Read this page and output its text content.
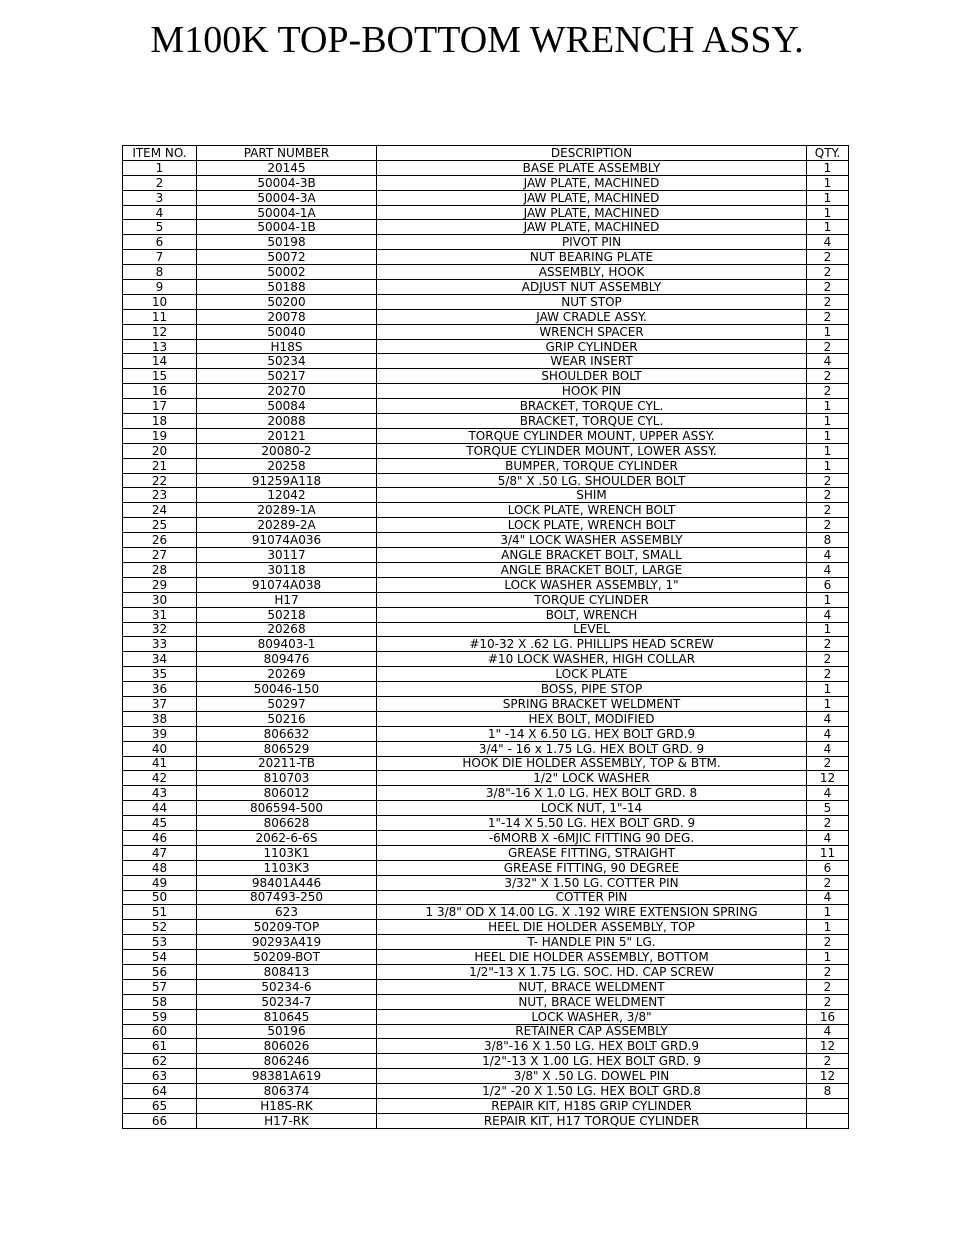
M100K TOP-BOTTOM WRENCH ASSY.
ITEM NO.	PART NUMBER	DESCRIPTION	QTY.
1	20145	BASE PLATE ASSEMBLY	1
2	50004-3B	JAW PLATE, MACHINED	1
3	50004-3A	JAW PLATE, MACHINED	1
4	50004-1A	JAW PLATE, MACHINED	1
5	50004-1B	JAW PLATE, MACHINED	1
6	50198	PIVOT PIN	4
7	50072	NUT BEARING PLATE	2
8	50002	ASSEMBLY, HOOK	2
9	50188	ADJUST NUT ASSEMBLY	2
10	50200	NUT STOP	2
11	20078	JAW CRADLE ASSY.	2
12	50040	WRENCH SPACER	1
13	H18S	GRIP CYLINDER	2
14	50234	WEAR INSERT	4
15	50217	SHOULDER BOLT	2
16	20270	HOOK PIN	2
17	50084	BRACKET, TORQUE CYL.	1
18	20088	BRACKET, TORQUE CYL.	1
19	20121	TORQUE CYLINDER MOUNT, UPPER ASSY.	1
20	20080-2	TORQUE CYLINDER MOUNT, LOWER ASSY.	1
21	20258	BUMPER, TORQUE CYLINDER	1
22	91259A118	5/8" X .50 LG. SHOULDER BOLT	2
23	12042	SHIM	2
24	20289-1A	LOCK PLATE, WRENCH BOLT	2
25	20289-2A	LOCK PLATE, WRENCH BOLT	2
26	91074A036	3/4" LOCK WASHER ASSEMBLY	8
27	30117	ANGLE BRACKET BOLT, SMALL	4
28	30118	ANGLE BRACKET BOLT, LARGE	4
29	91074A038	LOCK WASHER ASSEMBLY, 1"	6
30	H17	TORQUE CYLINDER	1
31	50218	BOLT, WRENCH	4
32	20268	LEVEL	1
33	809403-1	#10-32 X .62 LG. PHILLIPS HEAD SCREW	2
34	809476	#10 LOCK WASHER, HIGH COLLAR	2
35	20269	LOCK PLATE	2
36	50046-150	BOSS, PIPE STOP	1
37	50297	SPRING BRACKET WELDMENT	1
38	50216	HEX BOLT, MODIFIED	4
39	806632	1" -14 X 6.50 LG. HEX BOLT GRD.9	4
40	806529	3/4" - 16 x 1.75 LG. HEX BOLT GRD. 9	4
41	20211-TB	HOOK DIE HOLDER ASSEMBLY, TOP & BTM.	2
42	810703	1/2" LOCK WASHER	12
43	806012	3/8"-16 X 1.0 LG. HEX BOLT GRD. 8	4
44	806594-500	LOCK NUT, 1"-14	5
45	806628	1"-14 X 5.50 LG. HEX BOLT GRD. 9	2
46	2062-6-6S	-6MORB X -6MJIC FITTING 90 DEG.	4
47	1103K1	GREASE FITTING, STRAIGHT	11
48	1103K3	GREASE FITTING, 90 DEGREE	6
49	98401A446	3/32" X 1.50 LG. COTTER PIN	2
50	807493-250	COTTER PIN	4
51	623	1 3/8" OD X 14.00 LG. X .192 WIRE EXTENSION SPRING	1
52	50209-TOP	HEEL DIE HOLDER ASSEMBLY, TOP	1
53	90293A419	T- HANDLE PIN 5" LG.	2
54	50209-BOT	HEEL DIE HOLDER ASSEMBLY, BOTTOM	1
56	808413	1/2"-13 X 1.75 LG. SOC. HD. CAP SCREW	2
57	50234-6	NUT, BRACE WELDMENT	2
58	50234-7	NUT, BRACE WELDMENT	2
59	810645	LOCK WASHER, 3/8"	16
60	50196	RETAINER CAP ASSEMBLY	4
61	806026	3/8"-16 X 1.50 LG. HEX BOLT GRD.9	12
62	806246	1/2"-13 X 1.00 LG. HEX BOLT GRD. 9	2
63	98381A619	3/8" X .50 LG. DOWEL PIN	12
64	806374	1/2" -20 X 1.50 LG. HEX BOLT GRD.8	8
65	H18S-RK	REPAIR KIT, H18S GRIP CYLINDER	
66	H17-RK	REPAIR KIT, H17 TORQUE CYLINDER	
